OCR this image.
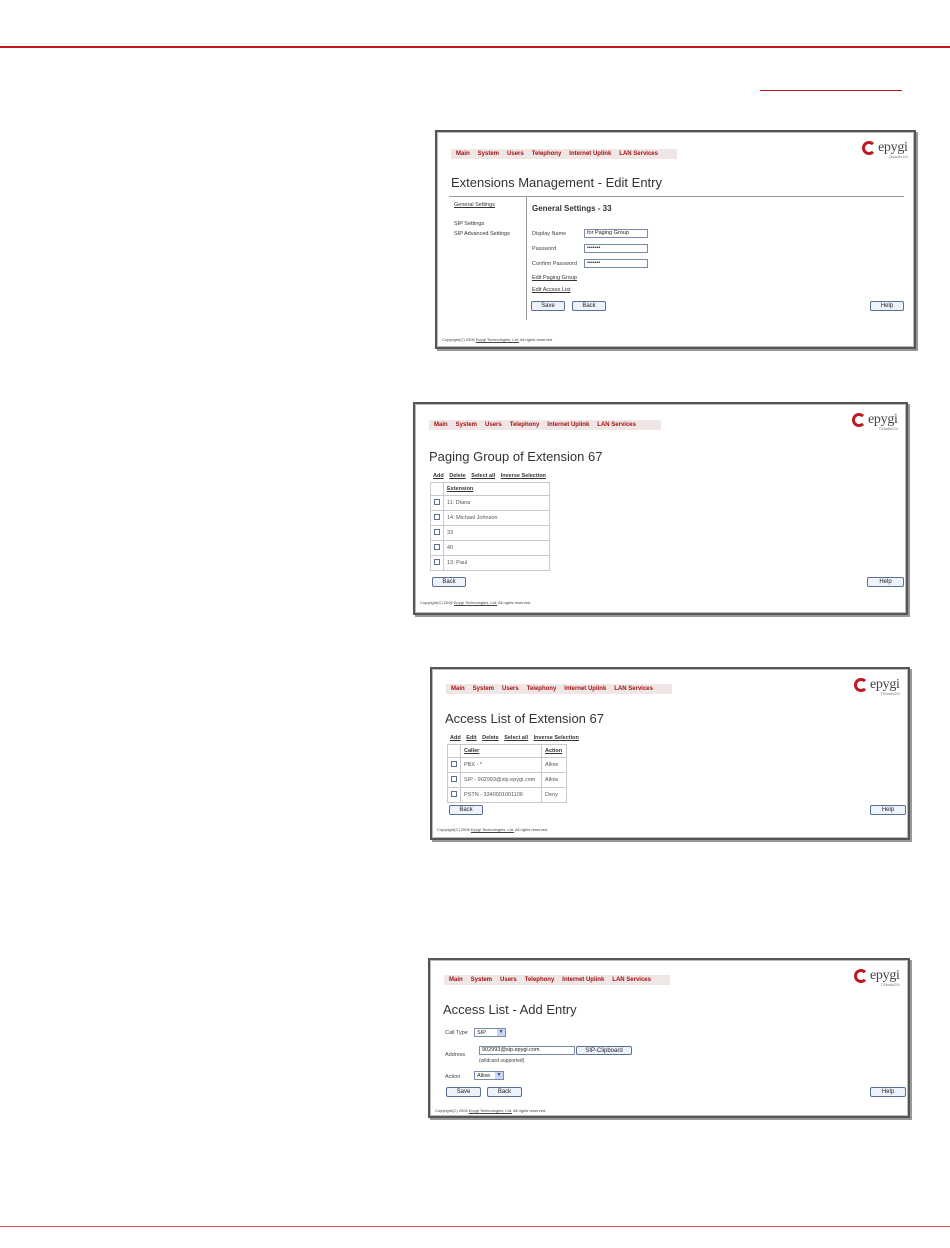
Main System Users Telephony Internet Uplink LAN Services	epygi
Quadro10i
Extensions Management - Edit Entry
General Settings
SIP Settings
SIP Advanced Settings
General Settings - 33
Display Name	for Paging Group
Password	•••••••
Confirm Password	•••••••
Edit Paging Group
Edit Access List
Save	Back	Help
Copyright(C) 2006 Epygi Technologies, Ltd. All rights reserved.
Main System Users Telephony Internet Uplink LAN Services	epygi
TStudio20i
Paging Group of Extension 67
Add Delete Select all Inverse Selection
	Extension
	11: Diana
	14: Michael Johnson
	33
	40
	13: Paul
Back	Help
Copyright(C) 2006 Epygi Technologies, Ltd. All rights reserved.
Main System Users Telephony Internet Uplink LAN Services	epygi
TStudio20i
Access List of Extension 67
Add Edit Delete Select all Inverse Selection
	Caller	Action
	PBX - *	Allow
	SIP - 902993@sip.epygi.com	Allow
	PSTN - 3340001001106	Deny
Back	Help
Copyright(C) 2006 Epygi Technologies, Ltd. All rights reserved.
Main System Users Telephony Internet Uplink LAN Services	epygi
TStudio20i
Access List - Add Entry
Call Type SIP	▼
Address
902993@sip.epygi.com	SIP-Clipboard
(wildcard supported)
Action	Allow	▼
Save	Back	Help
Copyright(C) 2006 Epygi Technologies, Ltd. All rights reserved.
